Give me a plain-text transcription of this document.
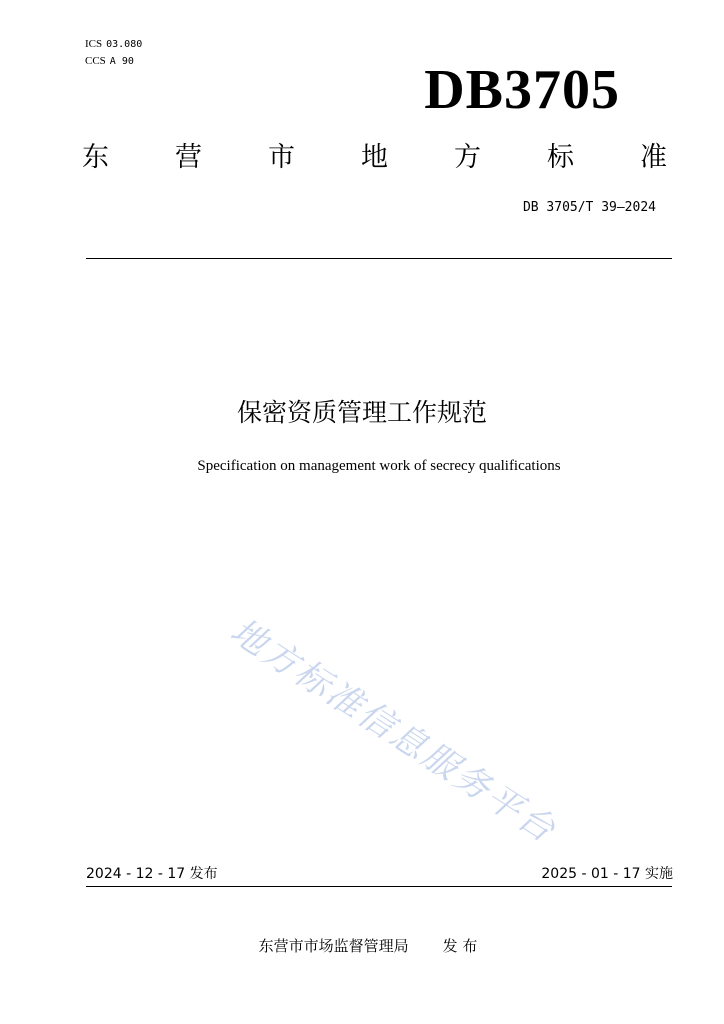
ICS 03.080
CCS A 90	DB3705
东 营 市 地 方 标 准
DB 3705/T 39—2024
保密资质管理工作规范
Specification on management work of secrecy qualifications
地方标准信息服务平台
2024 - 12 - 17 发布	2025 - 01 - 17 实施
东营市市场监督管理局 发 布
